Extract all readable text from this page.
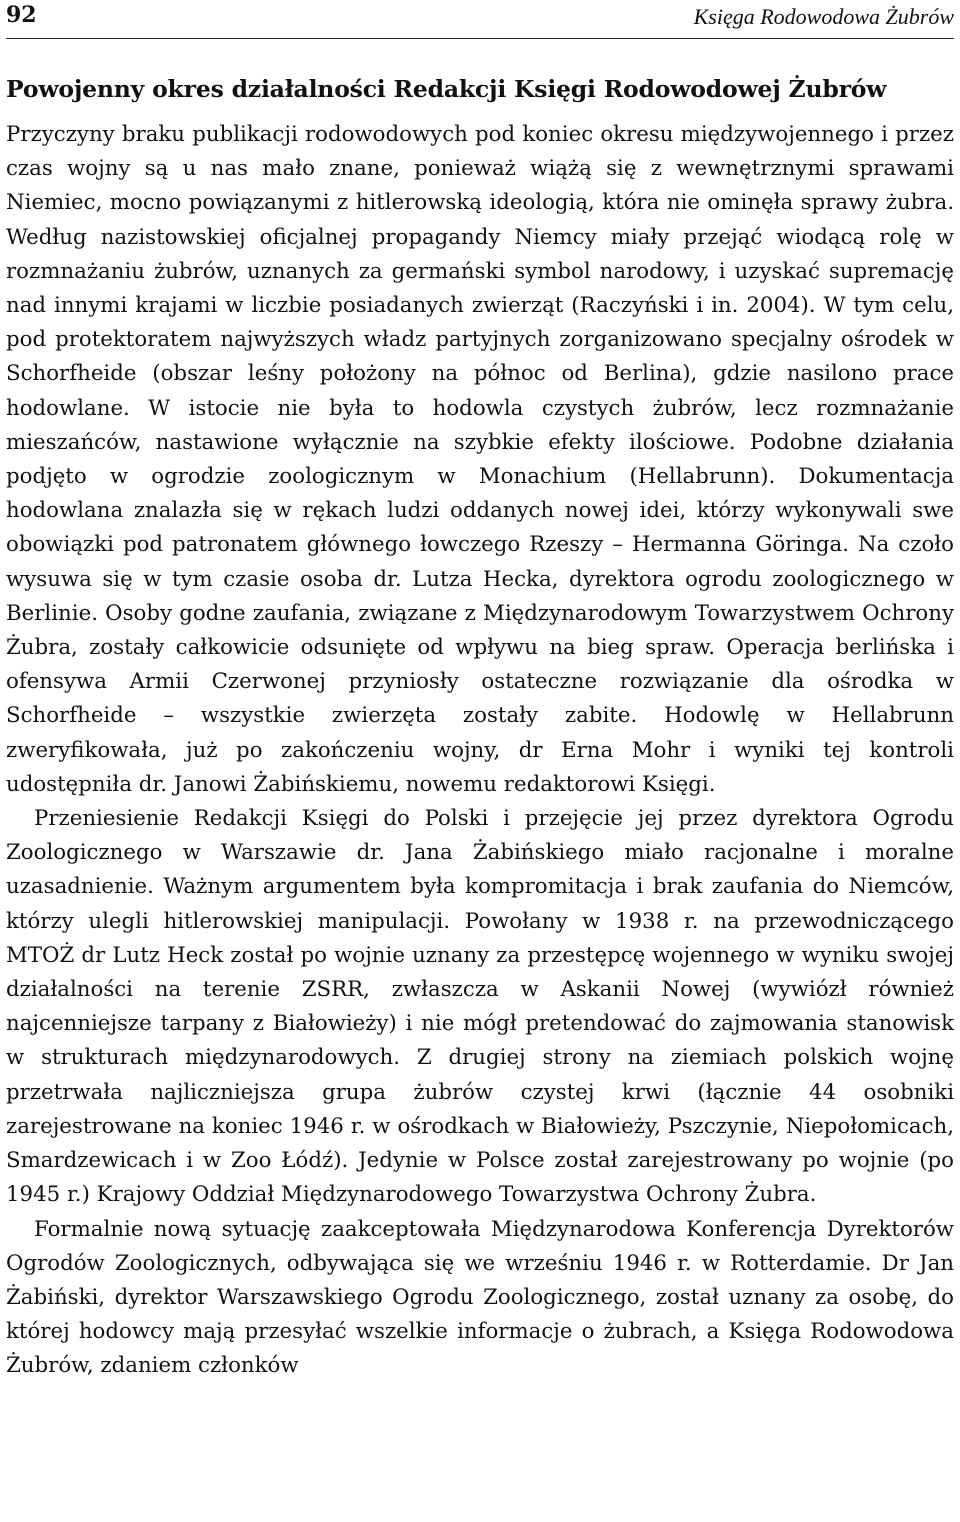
92	Księga Rodowodowa Żubrów
Powojenny okres działalności Redakcji Księgi Rodowodowej Żubrów

Przyczyny braku publikacji rodowodowych pod koniec okresu międzywojennego i przez czas wojny są u nas mało znane, ponieważ wiążą się z wewnętrznymi sprawami Niemiec, mocno powiązanymi z hitlerowską ideologią, która nie ominęła sprawy żubra. Według nazistowskiej oficjalnej propagandy Niemcy miały przejąć wiodącą rolę w rozmnażaniu żubrów, uznanych za germański symbol narodowy, i uzyskać supremację nad innymi krajami w liczbie posiadanych zwierząt (Raczyński i in. 2004). W tym celu, pod protektoratem najwyższych władz partyjnych zorganizowano specjalny ośrodek w Schorfheide (obszar leśny położony na północ od Berlina), gdzie nasilono prace hodowlane. W istocie nie była to hodowla czystych żubrów, lecz rozmnażanie mieszańców, nastawione wyłącznie na szybkie efekty ilościowe. Podobne działania podjęto w ogrodzie zoologicznym w Monachium (Hellabrunn). Dokumentacja hodowlana znalazła się w rękach ludzi oddanych nowej idei, którzy wykonywali swe obowiązki pod patronatem głównego łowczego Rzeszy – Hermanna Göringa. Na czoło wysuwa się w tym czasie osoba dr. Lutza Hecka, dyrektora ogrodu zoologicznego w Berlinie. Osoby godne zaufania, związane z Międzynarodowym Towarzystwem Ochrony Żubra, zostały całkowicie odsunięte od wpływu na bieg spraw. Operacja berlińska i ofensywa Armii Czerwonej przyniosły ostateczne rozwiązanie dla ośrodka w Schorfheide – wszystkie zwierzęta zostały zabite. Hodowlę w Hellabrunn zweryfikowała, już po zakończeniu wojny, dr Erna Mohr i wyniki tej kontroli udostępniła dr. Janowi Żabińskiemu, nowemu redaktorowi Księgi.

Przeniesienie Redakcji Księgi do Polski i przejęcie jej przez dyrektora Ogrodu Zoologicznego w Warszawie dr. Jana Żabińskiego miało racjonalne i moralne uzasadnienie. Ważnym argumentem była kompromitacja i brak zaufania do Niemców, którzy ulegli hitlerowskiej manipulacji. Powołany w 1938 r. na przewodniczącego MTOŻ dr Lutz Heck został po wojnie uznany za przestępcę wojennego w wyniku swojej działalności na terenie ZSRR, zwłaszcza w Askanii Nowej (wywiózł również najcenniejsze tarpany z Białowieży) i nie mógł pretendować do zajmowania stanowisk w strukturach międzynarodowych. Z drugiej strony na ziemiach polskich wojnę przetrwała najliczniejsza grupa żubrów czystej krwi (łącznie 44 osobniki zarejestrowane na koniec 1946 r. w ośrodkach w Białowieży, Pszczynie, Niepołomicach, Smardzewicach i w Zoo Łódź). Jedynie w Polsce został zarejestrowany po wojnie (po 1945 r.) Krajowy Oddział Międzynarodowego Towarzystwa Ochrony Żubra.

Formalnie nową sytuację zaakceptowała Międzynarodowa Konferencja Dyrektorów Ogrodów Zoologicznych, odbywająca się we wrześniu 1946 r. w Rotterdamie. Dr Jan Żabiński, dyrektor Warszawskiego Ogrodu Zoologicznego, został uznany za osobę, do której hodowcy mają przesyłać wszelkie informacje o żubrach, a Księga Rodowodowa Żubrów, zdaniem członków
